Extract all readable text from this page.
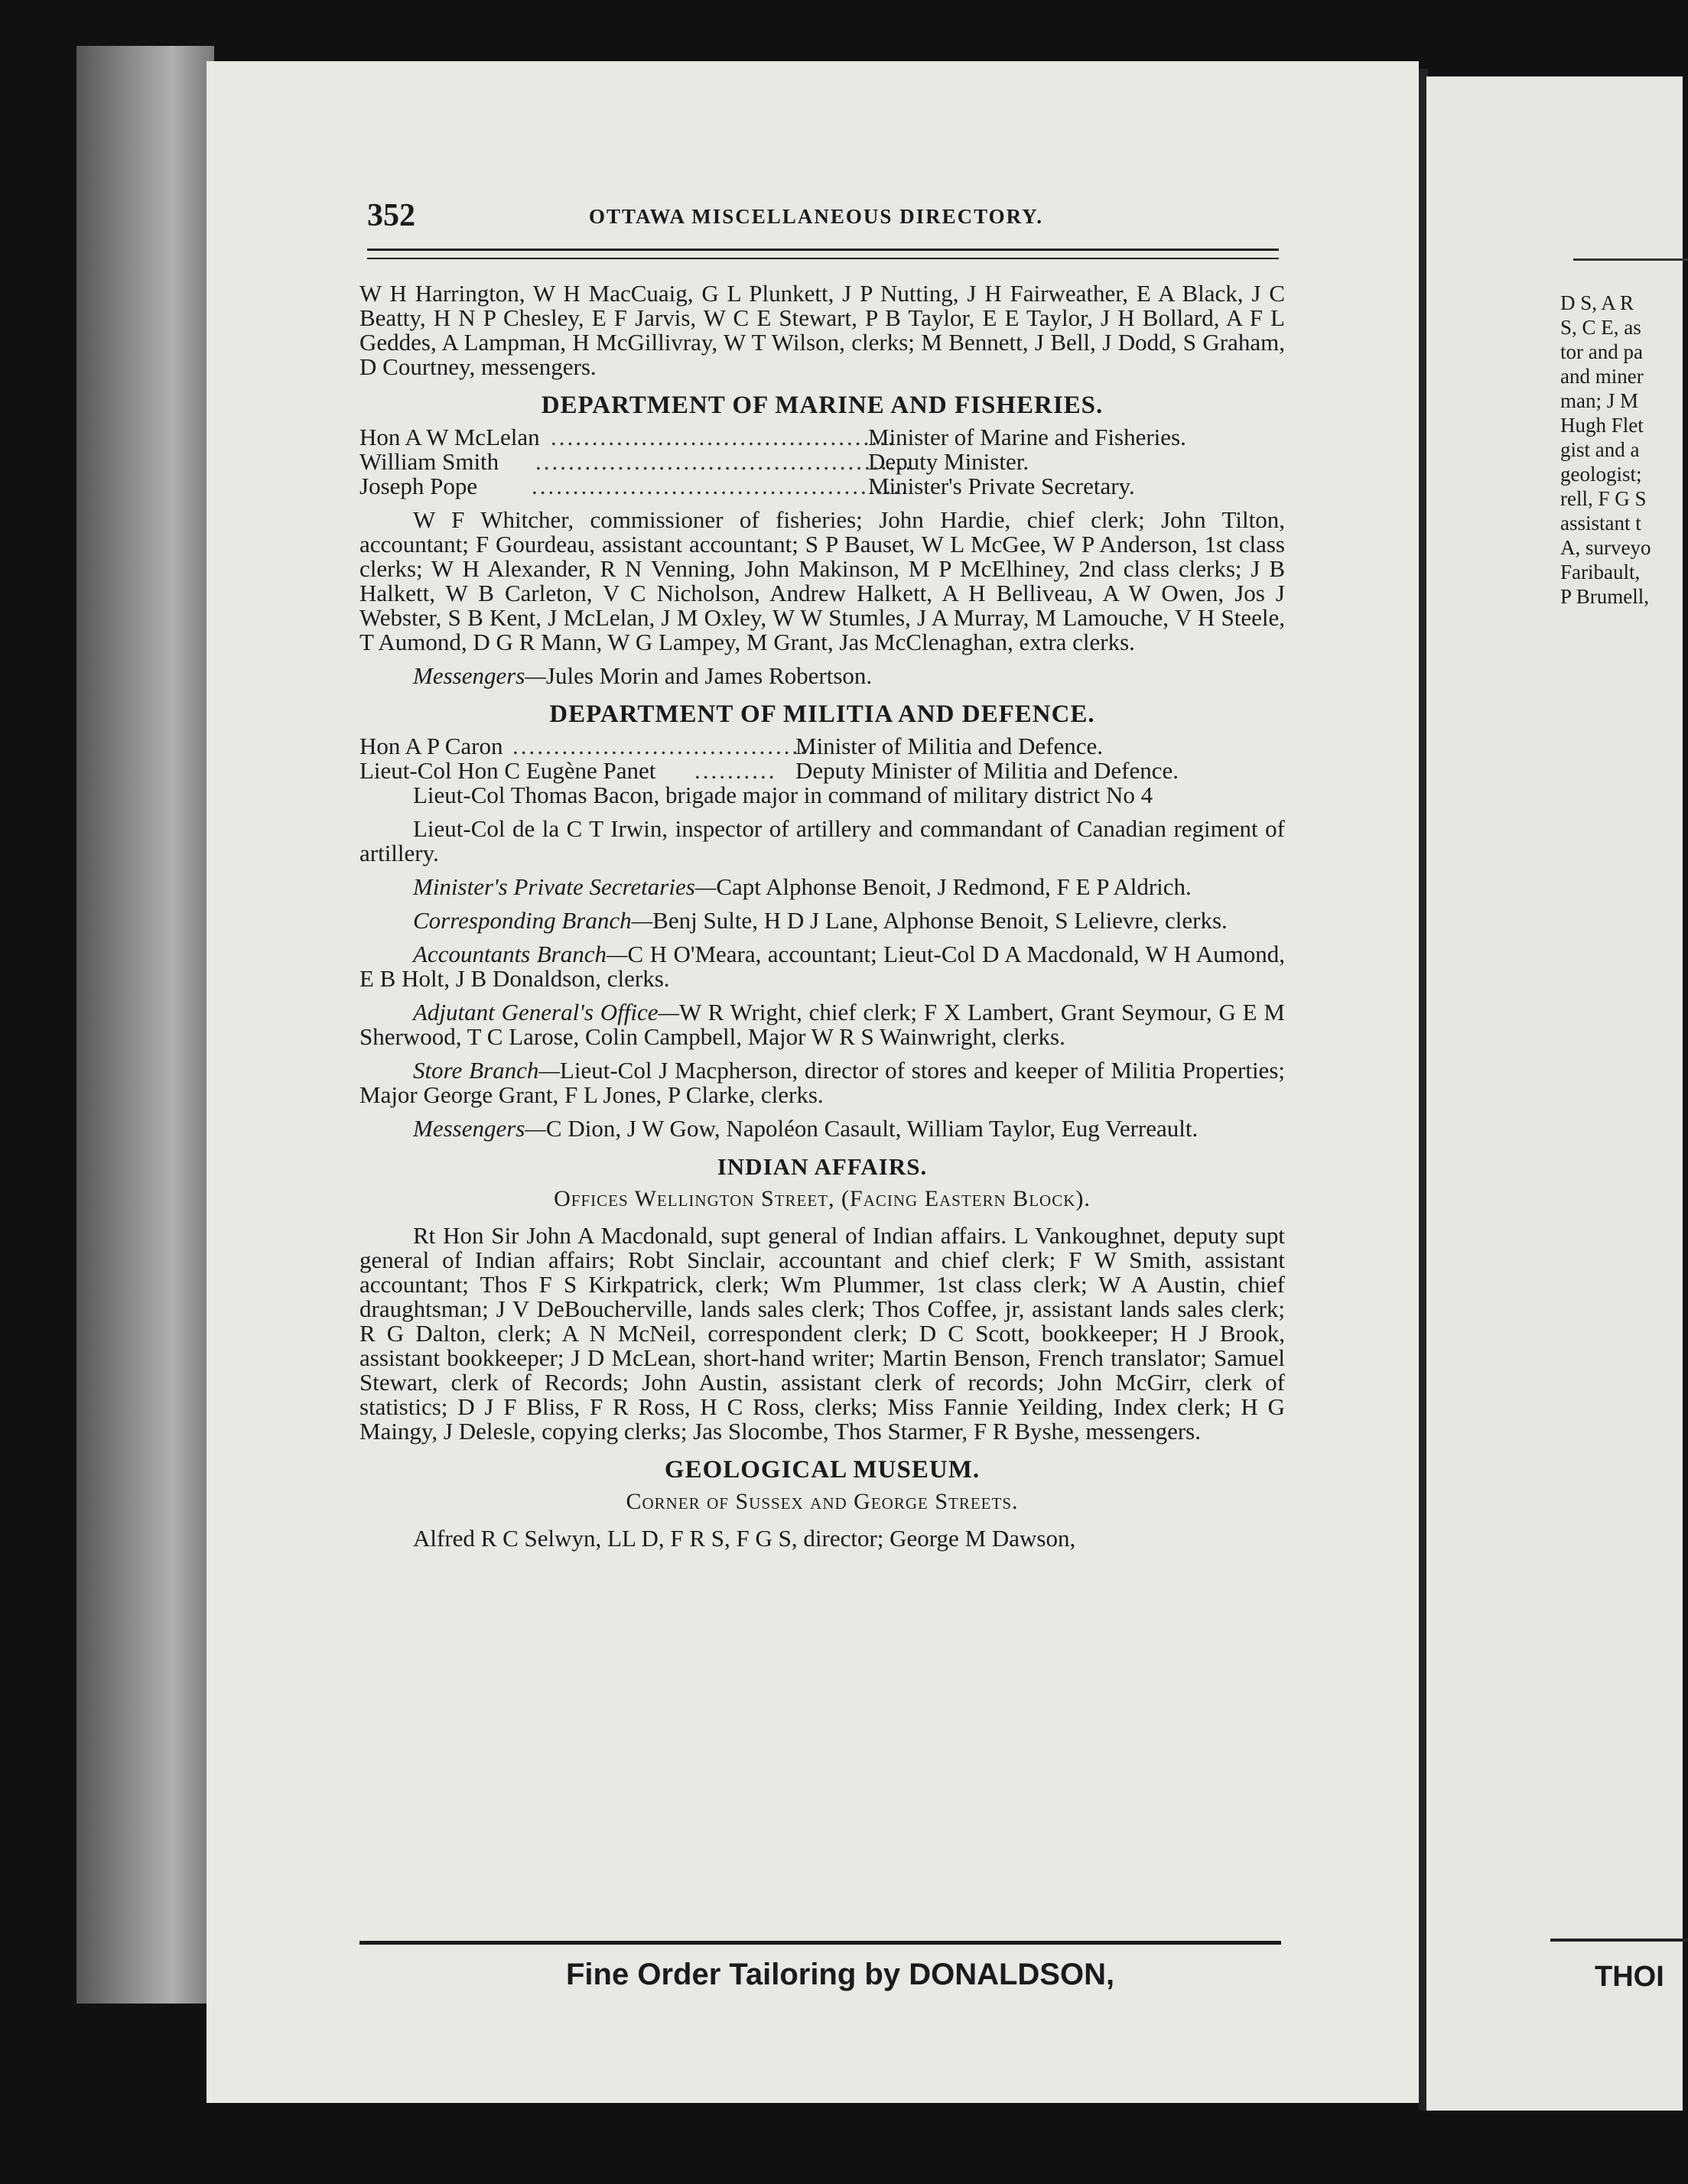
352	OTTAWA MISCELLANEOUS DIRECTORY.

W H Harrington, W H MacCuaig, G L Plunkett, J P Nutting, J H Fairweather, E A Black, J C Beatty, H N P Chesley, E F Jarvis, W C E Stewart, P B Taylor, E E Taylor, J H Bollard, A F L Geddes, A Lampman, H McGillivray, W T Wilson, clerks; M Bennett, J Bell, J Dodd, S Graham, D Courtney, messengers.

DEPARTMENT OF MARINE AND FISHERIES.
Hon A W McLelan ..........................................
Minister of Marine and Fisheries.
William Smith ..............................................
Deputy Minister.
Joseph Pope ..............................................
Minister's Private Secretary.

W F Whitcher, commissioner of fisheries; John Hardie, chief clerk; John Tilton, accountant; F Gourdeau, assistant accountant; S P Bauset, W L McGee, W P Anderson, 1st class clerks; W H Alexander, R N Venning, John Makinson, M P McElhiney, 2nd class clerks; J B Halkett, W B Carleton, V C Nicholson, Andrew Halkett, A H Belliveau, A W Owen, Jos J Webster, S B Kent, J McLelan, J M Oxley, W W Stumles, J A Murray, M Lamouche, V H Steele, T Aumond, D G R Mann, W G Lampey, M Grant, Jas McClenaghan, extra clerks.

Messengers—Jules Morin and James Robertson.

DEPARTMENT OF MILITIA AND DEFENCE.
Hon A P Caron .....................................
Minister of Militia and Defence.
Lieut-Col Hon C Eugène Panet .......... Deputy Minister of Militia and Defence.

Lieut-Col Thomas Bacon, brigade major in command of military district No 4

Lieut-Col de la C T Irwin, inspector of artillery and commandant of Canadian regiment of artillery.

Minister's Private Secretaries—Capt Alphonse Benoit, J Redmond, F E P Aldrich.

Corresponding Branch—Benj Sulte, H D J Lane, Alphonse Benoit, S Lelievre, clerks.

Accountants Branch—C H O'Meara, accountant; Lieut-Col D A Macdonald, W H Aumond, E B Holt, J B Donaldson, clerks.

Adjutant General's Office—W R Wright, chief clerk; F X Lambert, Grant Seymour, G E M Sherwood, T C Larose, Colin Campbell, Major W R S Wainwright, clerks.

Store Branch—Lieut-Col J Macpherson, director of stores and keeper of Militia Properties; Major George Grant, F L Jones, P Clarke, clerks.

Messengers—C Dion, J W Gow, Napoléon Casault, William Taylor, Eug Verreault.

INDIAN AFFAIRS.
Offices Wellington Street, (Facing Eastern Block).

Rt Hon Sir John A Macdonald, supt general of Indian affairs. L Vankoughnet, deputy supt general of Indian affairs; Robt Sinclair, accountant and chief clerk; F W Smith, assistant accountant; Thos F S Kirkpatrick, clerk; Wm Plummer, 1st class clerk; W A Austin, chief draughtsman; J V DeBoucherville, lands sales clerk; Thos Coffee, jr, assistant lands sales clerk; R G Dalton, clerk; A N McNeil, correspondent clerk; D C Scott, bookkeeper; H J Brook, assistant bookkeeper; J D McLean, short-hand writer; Martin Benson, French translator; Samuel Stewart, clerk of Records; John Austin, assistant clerk of records; John McGirr, clerk of statistics; D J F Bliss, F R Ross, H C Ross, clerks; Miss Fannie Yeilding, Index clerk; H G Maingy, J Delesle, copying clerks; Jas Slocombe, Thos Starmer, F R Byshe, messengers.

GEOLOGICAL MUSEUM.
Corner of Sussex and George Streets.

Alfred R C Selwyn, LL D, F R S, F G S, director; George M Dawson,

Fine Order Tailoring by DONALDSON,
D S, A R
S, C E, as
tor and pa
and miner
man; J M
Hugh Flet
gist and a
geologist;
rell, F G S
assistant t
A, surveyo
Faribault,
P Brumell,
THOI
